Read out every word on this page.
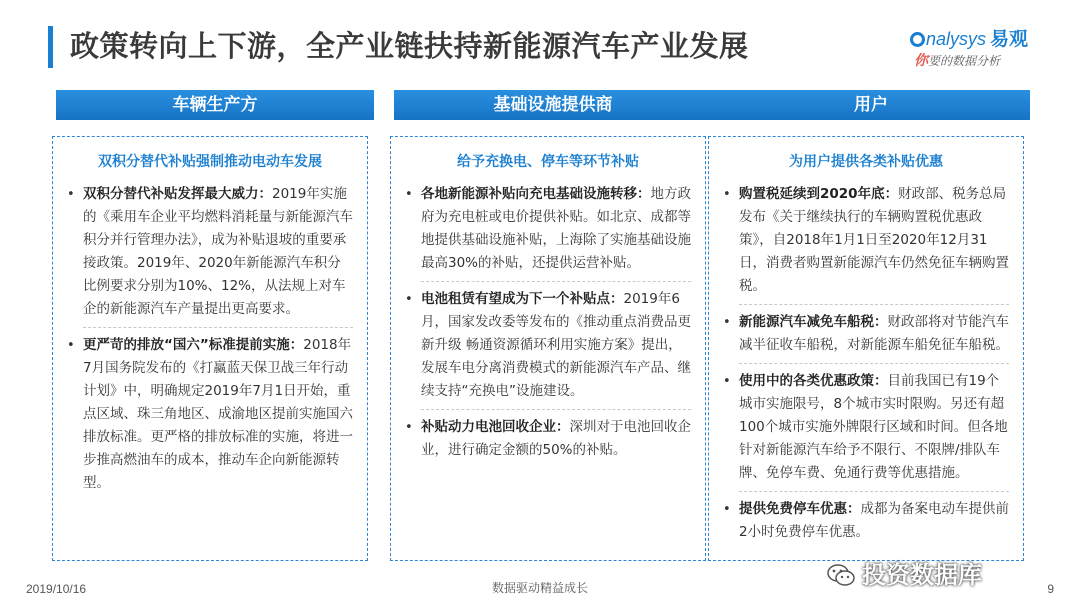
政策转向上下游，全产业链扶持新能源汽车产业发展	nalysys 易观
你要的数据分析
车辆生产方
双积分替代补贴强制推动电动车发展
• 双积分替代补贴发挥最大威力：2019年实施的《乘用车企业平均燃料消耗量与新能源汽车积分并行管理办法》，成为补贴退坡的重要承接政策。2019年、2020年新能源汽车积分比例要求分别为10%、12%，从法规上对车企的新能源汽车产量提出更高要求。
• 更严苛的排放“国六”标准提前实施：2018年7月国务院发布的《打赢蓝天保卫战三年行动计划》中，明确规定2019年7月1日开始，重点区域、珠三角地区、成渝地区提前实施国六排放标准。更严格的排放标准的实施，将进一步推高燃油车的成本，推动车企向新能源转型。
基础设施提供商
给予充换电、停车等环节补贴
• 各地新能源补贴向充电基础设施转移：地方政府为充电桩或电价提供补贴。如北京、成都等地提供基础设施补贴，上海除了实施基础设施最高30%的补贴，还提供运营补贴。
• 电池租赁有望成为下一个补贴点：2019年6月，国家发改委等发布的《推动重点消费品更新升级 畅通资源循环利用实施方案》提出，发展车电分离消费模式的新能源汽车产品、继续支持“充换电”设施建设。
• 补贴动力电池回收企业：深圳对于电池回收企业，进行确定金额的50%的补贴。
用户
为用户提供各类补贴优惠
• 购置税延续到2020年底：财政部、税务总局发布《关于继续执行的车辆购置税优惠政策》，自2018年1月1日至2020年12月31日，消费者购置新能源汽车仍然免征车辆购置税。
• 新能源汽车减免车船税：财政部将对节能汽车减半征收车船税，对新能源车船免征车船税。
• 使用中的各类优惠政策：目前我国已有19个城市实施限号，8个城市实时限购。另还有超100个城市实施外牌限行区域和时间。但各地针对新能源汽车给予不限行、不限牌/排队车牌、免停车费、免通行费等优惠措施。
• 提供免费停车优惠：成都为备案电动车提供前2小时免费停车优惠。
投资数据库
2019/10/16	数据驱动精益成长	9
